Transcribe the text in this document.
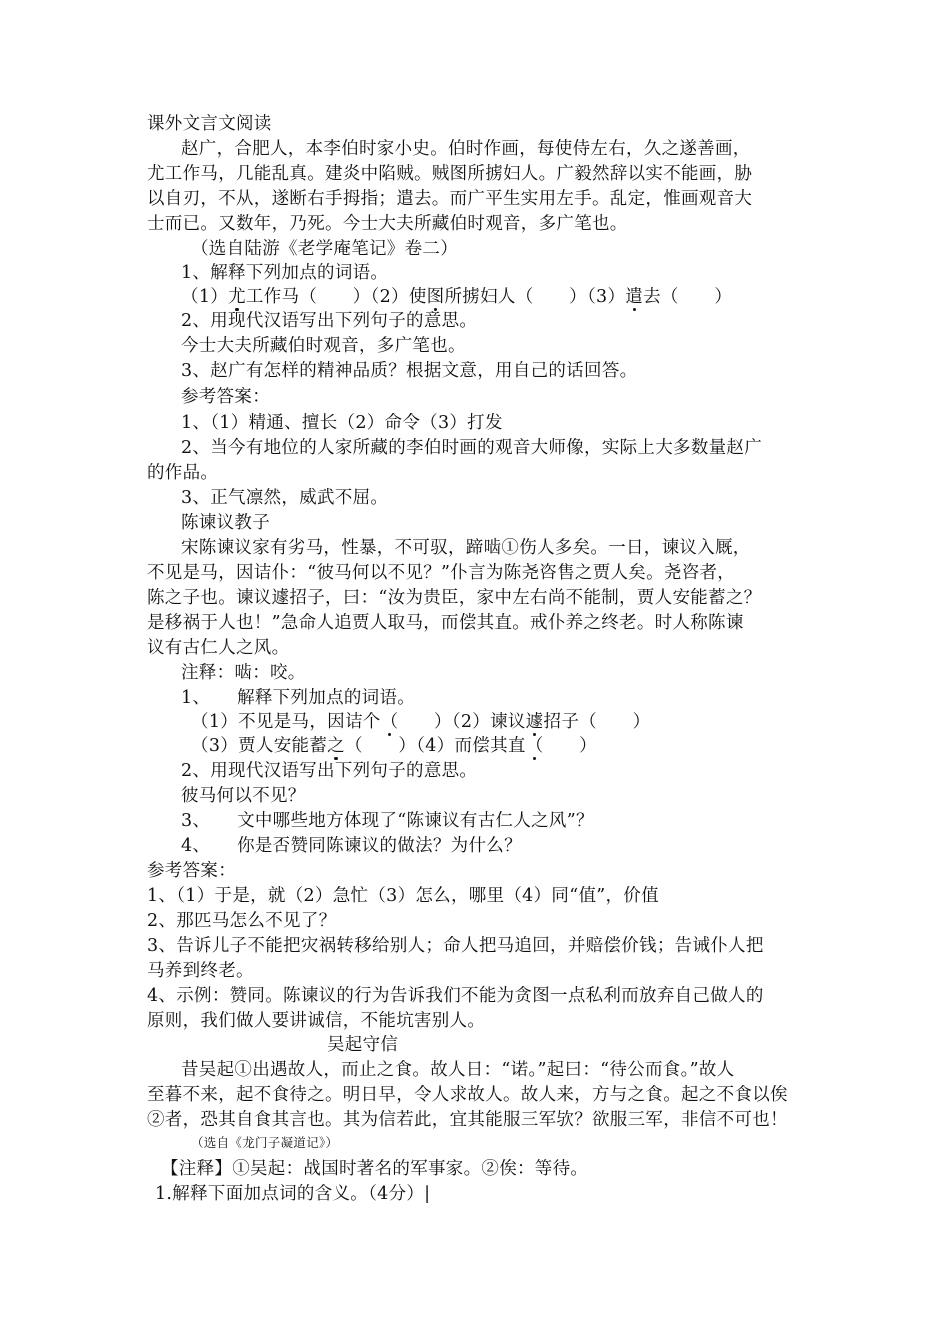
课外文言文阅读
赵广，合肥人，本李伯时家小史。伯时作画，每使侍左右，久之遂善画，
尤工作马，几能乱真。建炎中陷贼。贼图所掳妇人。广毅然辞以实不能画，胁
以自刃，不从，遂断右手拇指；遣去。而广平生实用左手。乱定，惟画观音大
士而已。又数年，乃死。今士大夫所藏伯时观音，多广笔也。
（选自陆游《老学庵笔记》卷二）
1、解释下列加点的词语。
（1）尤工作马（　　 ）（2）使图所掳妇人（　　 ）（3）遣去（　　 ）
2、用现代汉语写出下列句子的意思。
今士大夫所藏伯时观音，多广笔也。
3、赵广有怎样的精神品质？根据文意，用自己的话回答。
参考答案：
1、（1）精通、擅长（2）命令（3）打发
2、当今有地位的人家所藏的李伯时画的观音大师像，实际上大多数量赵广
的作品。
3、正气凛然，威武不屈。
陈谏议教子
宋陈谏议家有劣马，性暴，不可驭，蹄啮①伤人多矣。一日，谏议入厩，
不见是马，因诘仆：“彼马何以不见？”仆言为陈尧咨售之贾人矣。尧咨者，
陈之子也。谏议遽招子，曰：“汝为贵臣，家中左右尚不能制，贾人安能蓄之？
是移祸于人也！”急命人追贾人取马，而偿其直。戒仆养之终老。时人称陈谏
议有古仁人之风。
注释：啮：咬。
1、　　解释下列加点的词语。
（1）不见是马，因诘个（　　 ）（2）谏议遽招子（　　 ）
（3）贾人安能蓄之（　　 ）（4）而偿其直（　　 ）
2、用现代汉语写出下列句子的意思。
彼马何以不见？
3、　　文中哪些地方体现了“陈谏议有古仁人之风”？
4、　　你是否赞同陈谏议的做法？为什么？
参考答案：
1、（1）于是，就（2）急忙（3）怎么，哪里（4）同“值”，价值
2、那匹马怎么不见了？
3、告诉儿子不能把灾祸转移给别人；命人把马追回，并赔偿价钱；告诫仆人把
马养到终老。
4、示例：赞同。陈谏议的行为告诉我们不能为贪图一点私利而放弃自己做人的
原则，我们做人要讲诚信，不能坑害别人。
吴起守信
昔吴起①出遇故人，而止之食。故人日：“诺。”起曰：“待公而食。”故人
至暮不来，起不食待之。明日早，令人求故人。故人来，方与之食。起之不食以俟
②者，恐其自食其言也。其为信若此，宜其能服三军欤？欲服三军，非信不可也！
（选自《龙门子凝道记》）
【注释】①吴起：战国时著名的军事家。②俟：等待。
1.解释下面加点词的含义。（4分）|
